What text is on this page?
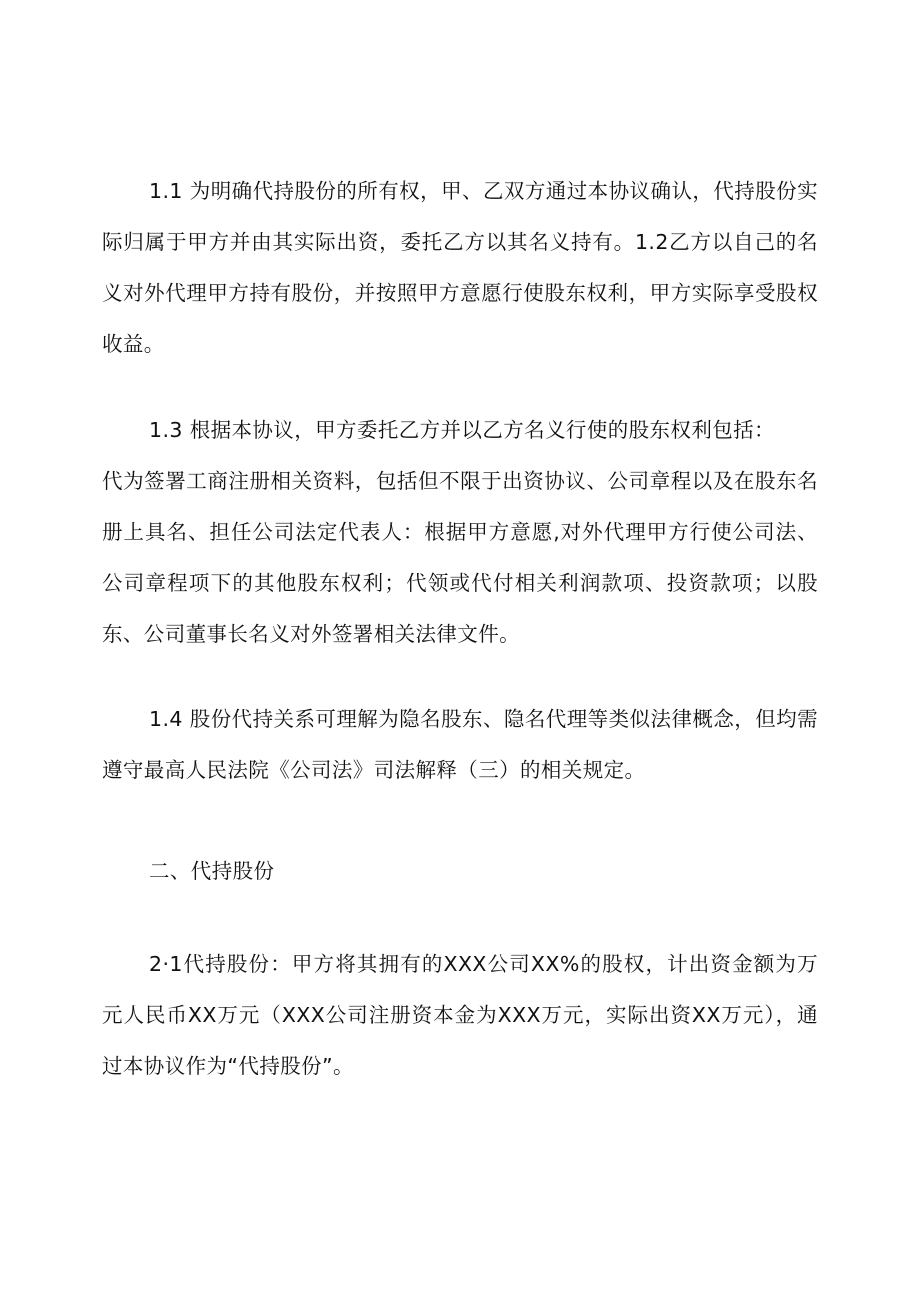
1.1 为明确代持股份的所有权，甲、乙双方通过本协议确认，代持股份实际归属于甲方并由其实际出资，委托乙方以其名义持有。1.2乙方以自己的名义对外代理甲方持有股份，并按照甲方意愿行使股东权利，甲方实际享受股权收益。

1.3 根据本协议，甲方委托乙方并以乙方名义行使的股东权利包括：
代为签署工商注册相关资料，包括但不限于出资协议、公司章程以及在股东名册上具名、担任公司法定代表人：根据甲方意愿,对外代理甲方行使公司法、公司章程项下的其他股东权利；代领或代付相关利润款项、投资款项；以股东、公司董事长名义对外签署相关法律文件。

1.4 股份代持关系可理解为隐名股东、隐名代理等类似法律概念，但均需遵守最高人民法院《公司法》司法解释（三）的相关规定。

二、代持股份

2·1代持股份：甲方将其拥有的XXX公司XX%的股权，计出资金额为万元人民币XX万元（XXX公司注册资本金为XXX万元，实际出资XX万元），通过本协议作为“代持股份”。
